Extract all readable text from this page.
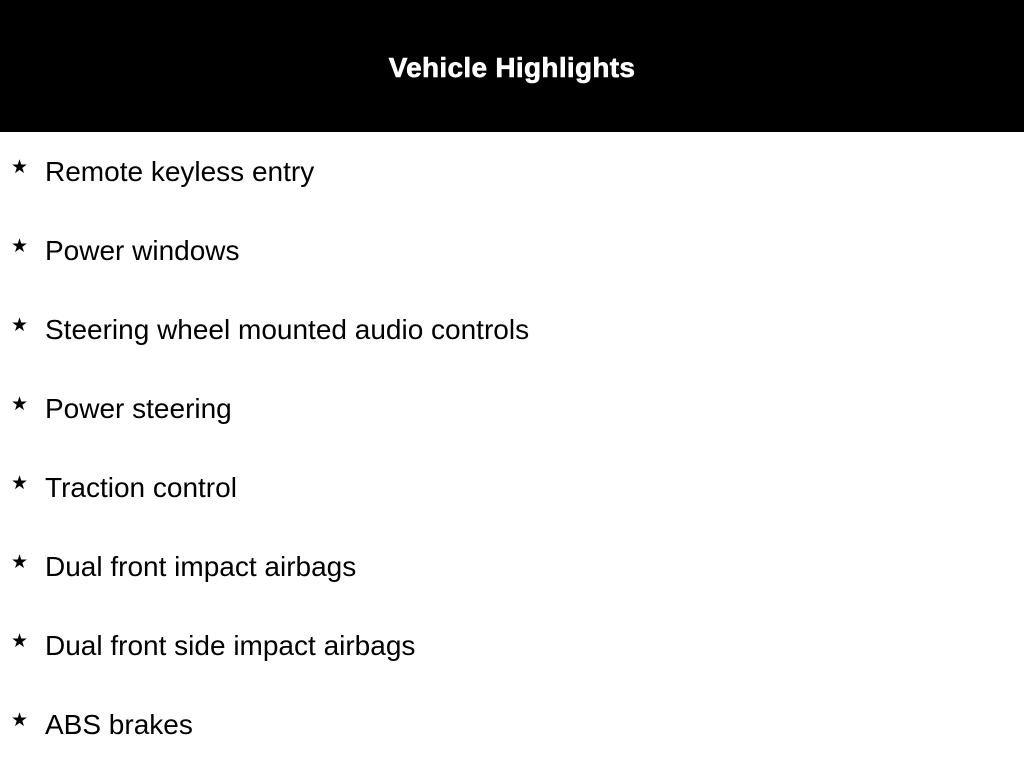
Vehicle Highlights
★ Remote keyless entry
★ Power windows
★ Steering wheel mounted audio controls
★ Power steering
★ Traction control
★ Dual front impact airbags
★ Dual front side impact airbags
★ ABS brakes
